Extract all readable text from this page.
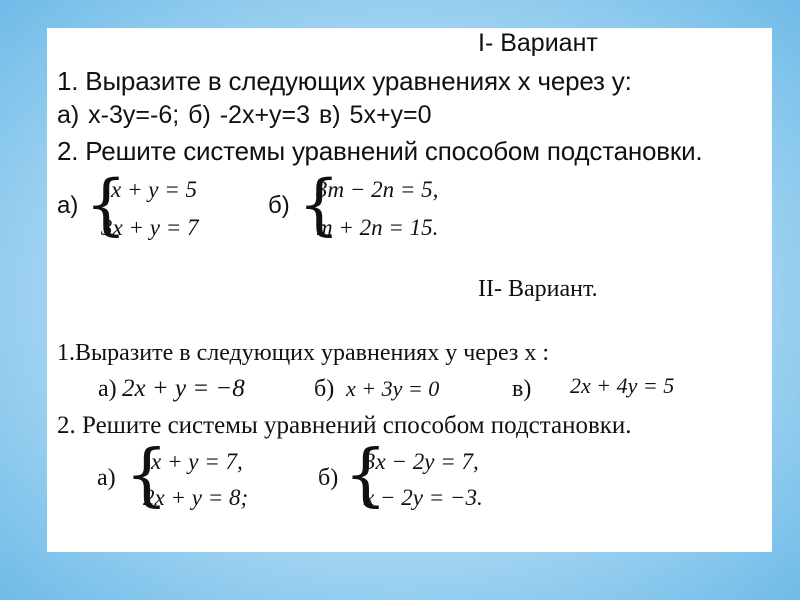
I- Вариант
1. Выразите в следующих уравнениях х через у:
а) х-3у=-6; б) -2х+у=3 в) 5х+у=0
2. Решите системы уравнений способом подстановки.
а) {
x + y = 5
3x + y = 7
б) {
3m − 2n = 5,
m + 2n = 15.
II- Вариант.
1.Выразите в следующих уравнениях у через х :
а) 2x + y = −8	б) x + 3y = 0	в) 2x + 4y = 5
2. Решите системы уравнений способом подстановки.
а) {
x + y = 7,
2x + y = 8;
б) {
3x − 2y = 7,
x − 2y = −3.
